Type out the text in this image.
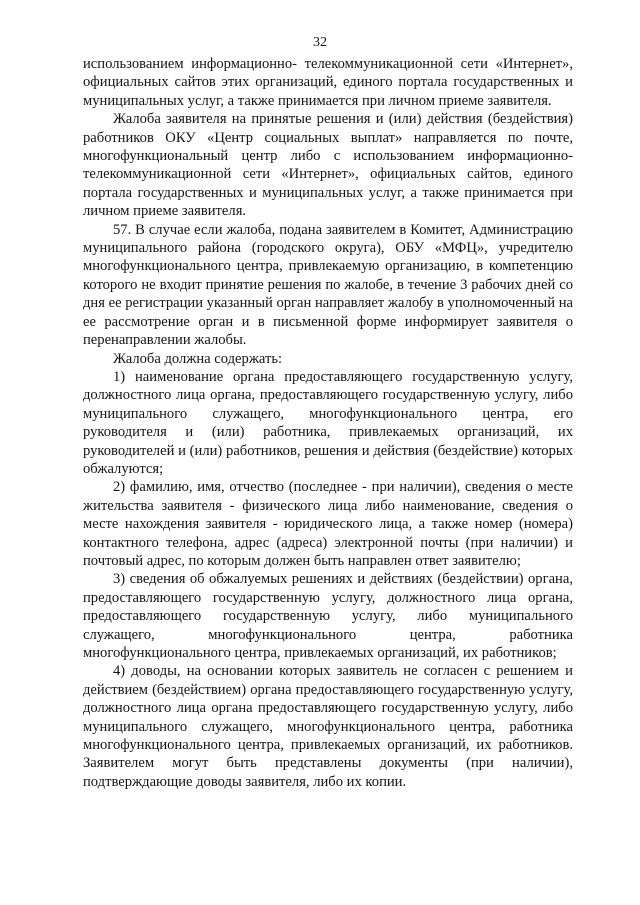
32

использованием информационно- телекоммуникационной сети «Интернет», официальных сайтов этих организаций, единого портала государственных и муниципальных услуг, а также принимается при личном приеме заявителя.

Жалоба заявителя на принятые решения и (или) действия (бездействия) работников ОКУ «Центр социальных выплат» направляется по почте, многофункциональный центр либо с использованием информационно-телекоммуникационной сети «Интернет», официальных сайтов, единого портала государственных и муниципальных услуг, а также принимается при личном приеме заявителя.

57. В случае если жалоба, подана заявителем в Комитет, Администрацию муниципального района (городского округа), ОБУ «МФЦ», учредителю многофункционального центра, привлекаемую организацию, в компетенцию которого не входит принятие решения по жалобе, в течение 3 рабочих дней со дня ее регистрации указанный орган направляет жалобу в уполномоченный на ее рассмотрение орган и в письменной форме информирует заявителя о перенаправлении жалобы.

Жалоба должна содержать:

1) наименование органа предоставляющего государственную услугу, должностного лица органа, предоставляющего государственную услугу, либо муниципального служащего, многофункционального центра, его руководителя и (или) работника, привлекаемых организаций, их руководителей и (или) работников, решения и действия (бездействие) которых обжалуются;

2) фамилию, имя, отчество (последнее - при наличии), сведения о месте жительства заявителя - физического лица либо наименование, сведения о месте нахождения заявителя - юридического лица, а также номер (номера) контактного телефона, адрес (адреса) электронной почты (при наличии) и почтовый адрес, по которым должен быть направлен ответ заявителю;

3) сведения об обжалуемых решениях и действиях (бездействии) органа, предоставляющего государственную услугу, должностного лица органа, предоставляющего государственную услугу, либо муниципального служащего, многофункционального центра, работника многофункционального центра, привлекаемых организаций, их работников;

4) доводы, на основании которых заявитель не согласен с решением и действием (бездействием) органа предоставляющего государственную услугу, должностного лица органа предоставляющего государственную услугу, либо муниципального служащего, многофункционального центра, работника многофункционального центра, привлекаемых организаций, их работников. Заявителем могут быть представлены документы (при наличии), подтверждающие доводы заявителя, либо их копии.
